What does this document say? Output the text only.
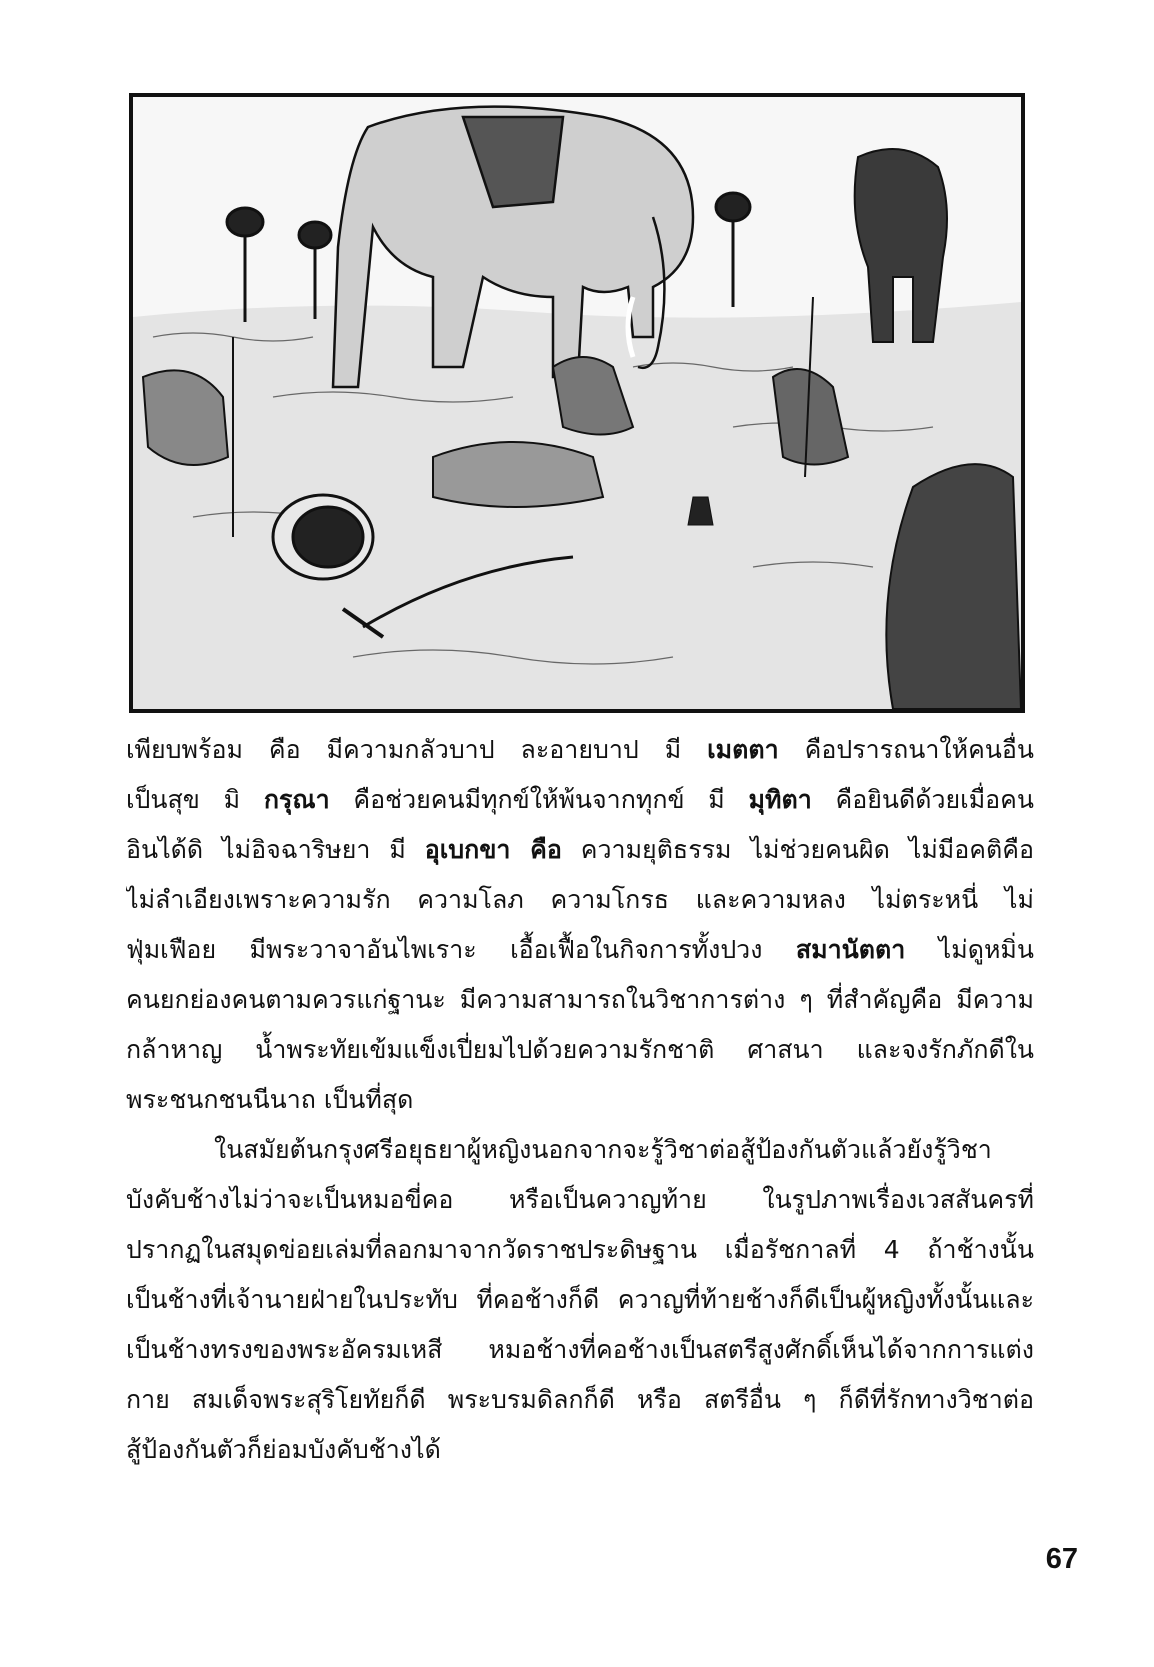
เพียบพร้อม คือ มีความกลัวบาป ละอายบาป มี เมตตา คือปรารถนาให้คนอื่น
เป็นสุข มิ กรุณา คือช่วยคนมีทุกข์ให้พ้นจากทุกข์ มี มุทิตา คือยินดีด้วยเมื่อคน
อินได้ดิ ไม่อิจฉาริษยา มี อุเบกขา คือ ความยุติธรรม ไม่ช่วยคนผิด ไม่มีอคติคือ
ไม่ลำเอียงเพราะความรัก ความโลภ ความโกรธ และความหลง ไม่ตระหนี่ ไม่
ฟุ่มเฟือย มีพระวาจาอันไพเราะ เอื้อเฟื้อในกิจการทั้งปวง สมานัตตา ไม่ดูหมิ่น
คนยกย่องคนตามควรแก่ฐานะ มีความสามารถในวิชาการต่าง ๆ ที่สำคัญคือ มีความ
กล้าหาญ น้ำพระทัยเข้มแข็งเปี่ยมไปด้วยความรักชาติ ศาสนา และจงรักภักดีใน
พระชนกชนนีนาถ เป็นที่สุด
ในสมัยต้นกรุงศรีอยุธยาผู้หญิงนอกจากจะรู้วิชาต่อสู้ป้องกันตัวแล้วยังรู้วิชา
บังคับช้างไม่ว่าจะเป็นหมอขี่คอ หรือเป็นควาญท้าย ในรูปภาพเรื่องเวสสันครที่
ปรากฏในสมุดข่อยเล่มที่ลอกมาจากวัดราชประดิษฐาน เมื่อรัชกาลที่ 4 ถ้าช้างนั้น
เป็นช้างที่เจ้านายฝ่ายในประทับ ที่คอช้างก็ดี ควาญที่ท้ายช้างก็ดีเป็นผู้หญิงทั้งนั้นและ
เป็นช้างทรงของพระอัครมเหสี หมอช้างที่คอช้างเป็นสตรีสูงศักดิ์เห็นได้จากการแต่ง
กาย สมเด็จพระสุริโยทัยก็ดี พระบรมดิลกก็ดี หรือ สตรีอื่น ๆ ก็ดีที่รักทางวิชาต่อ
สู้ป้องกันตัวก็ย่อมบังคับช้างได้
67
